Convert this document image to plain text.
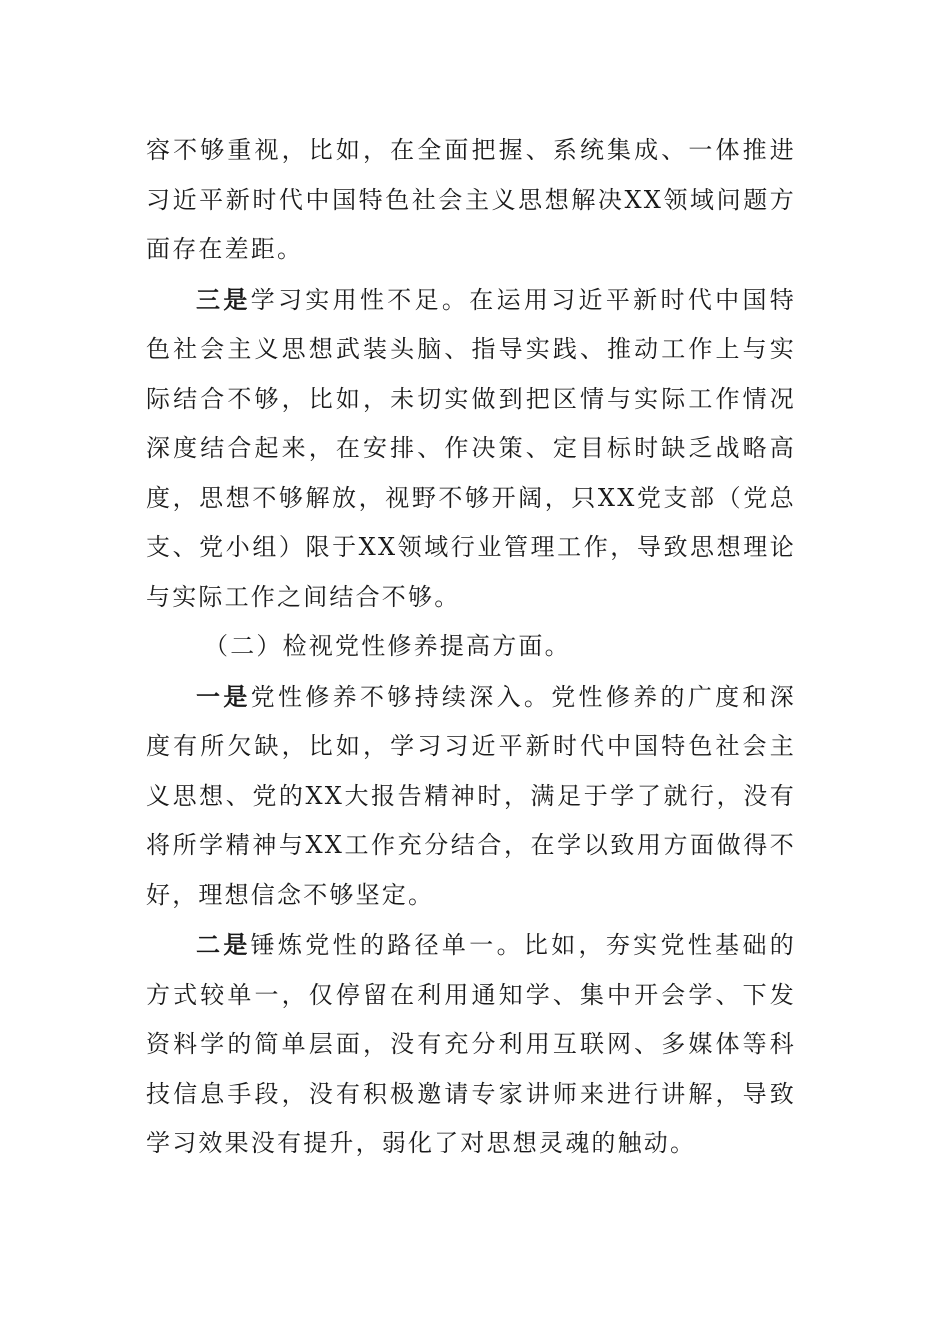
容不够重视，比如，在全面把握、系统集成、一体推进习近平新时代中国特色社会主义思想解决XX领域问题方面存在差距。

三是学习实用性不足。在运用习近平新时代中国特色社会主义思想武装头脑、指导实践、推动工作上与实际结合不够，比如，未切实做到把区情与实际工作情况深度结合起来，在安排、作决策、定目标时缺乏战略高度，思想不够解放，视野不够开阔，只XX党支部（党总支、党小组）限于XX领域行业管理工作，导致思想理论与实际工作之间结合不够。

（二）检视党性修养提高方面。

一是党性修养不够持续深入。党性修养的广度和深度有所欠缺，比如，学习习近平新时代中国特色社会主义思想、党的XX大报告精神时，满足于学了就行，没有将所学精神与XX工作充分结合，在学以致用方面做得不好，理想信念不够坚定。

二是锤炼党性的路径单一。比如，夯实党性基础的方式较单一，仅停留在利用通知学、集中开会学、下发资料学的简单层面，没有充分利用互联网、多媒体等科技信息手段，没有积极邀请专家讲师来进行讲解，导致学习效果没有提升，弱化了对思想灵魂的触动。
